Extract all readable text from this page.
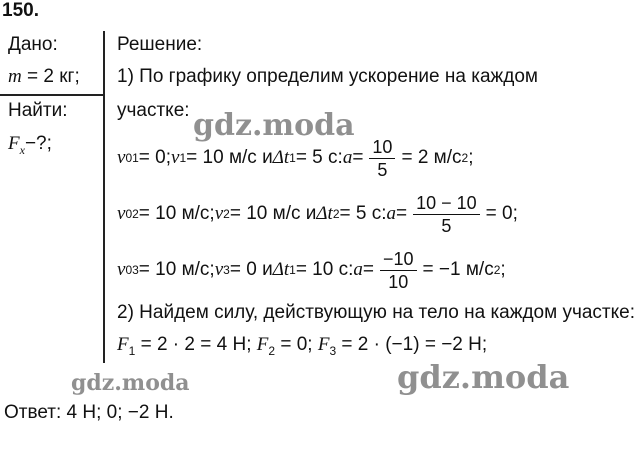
150.
Дано:
m = 2 кг;
Найти:
$F_x-$?;
Решение:
1) По графику определим ускорение на каждом
участке:
v 01 = 0; v 1 = 10 м/с и Δt 1 = 5 с: $a = \frac{10}{5} = 2$ м/с 2 ;
v 02 = 10 м/с; v 2 = 10 м/с и Δt 2 = 5 с: $a = \frac{10 - 10}{5} = 0$;
v 03 = 10 м/с; v 3 = 0 и Δt 1 = 10 с: $a = \frac{-10}{10} = -1$ м/с 2 ;
2) Найдем силу, действующую на тело на каждом участке:
$F_1 = 2 \cdot 2 = 4$ Н; $F_2 = 0$; $F_3 = 2 \cdot (-1) = -2$ Н;
Ответ: 4 Н; 0; −2 Н.
gdz.moda
gdz.moda	gdz.moda
